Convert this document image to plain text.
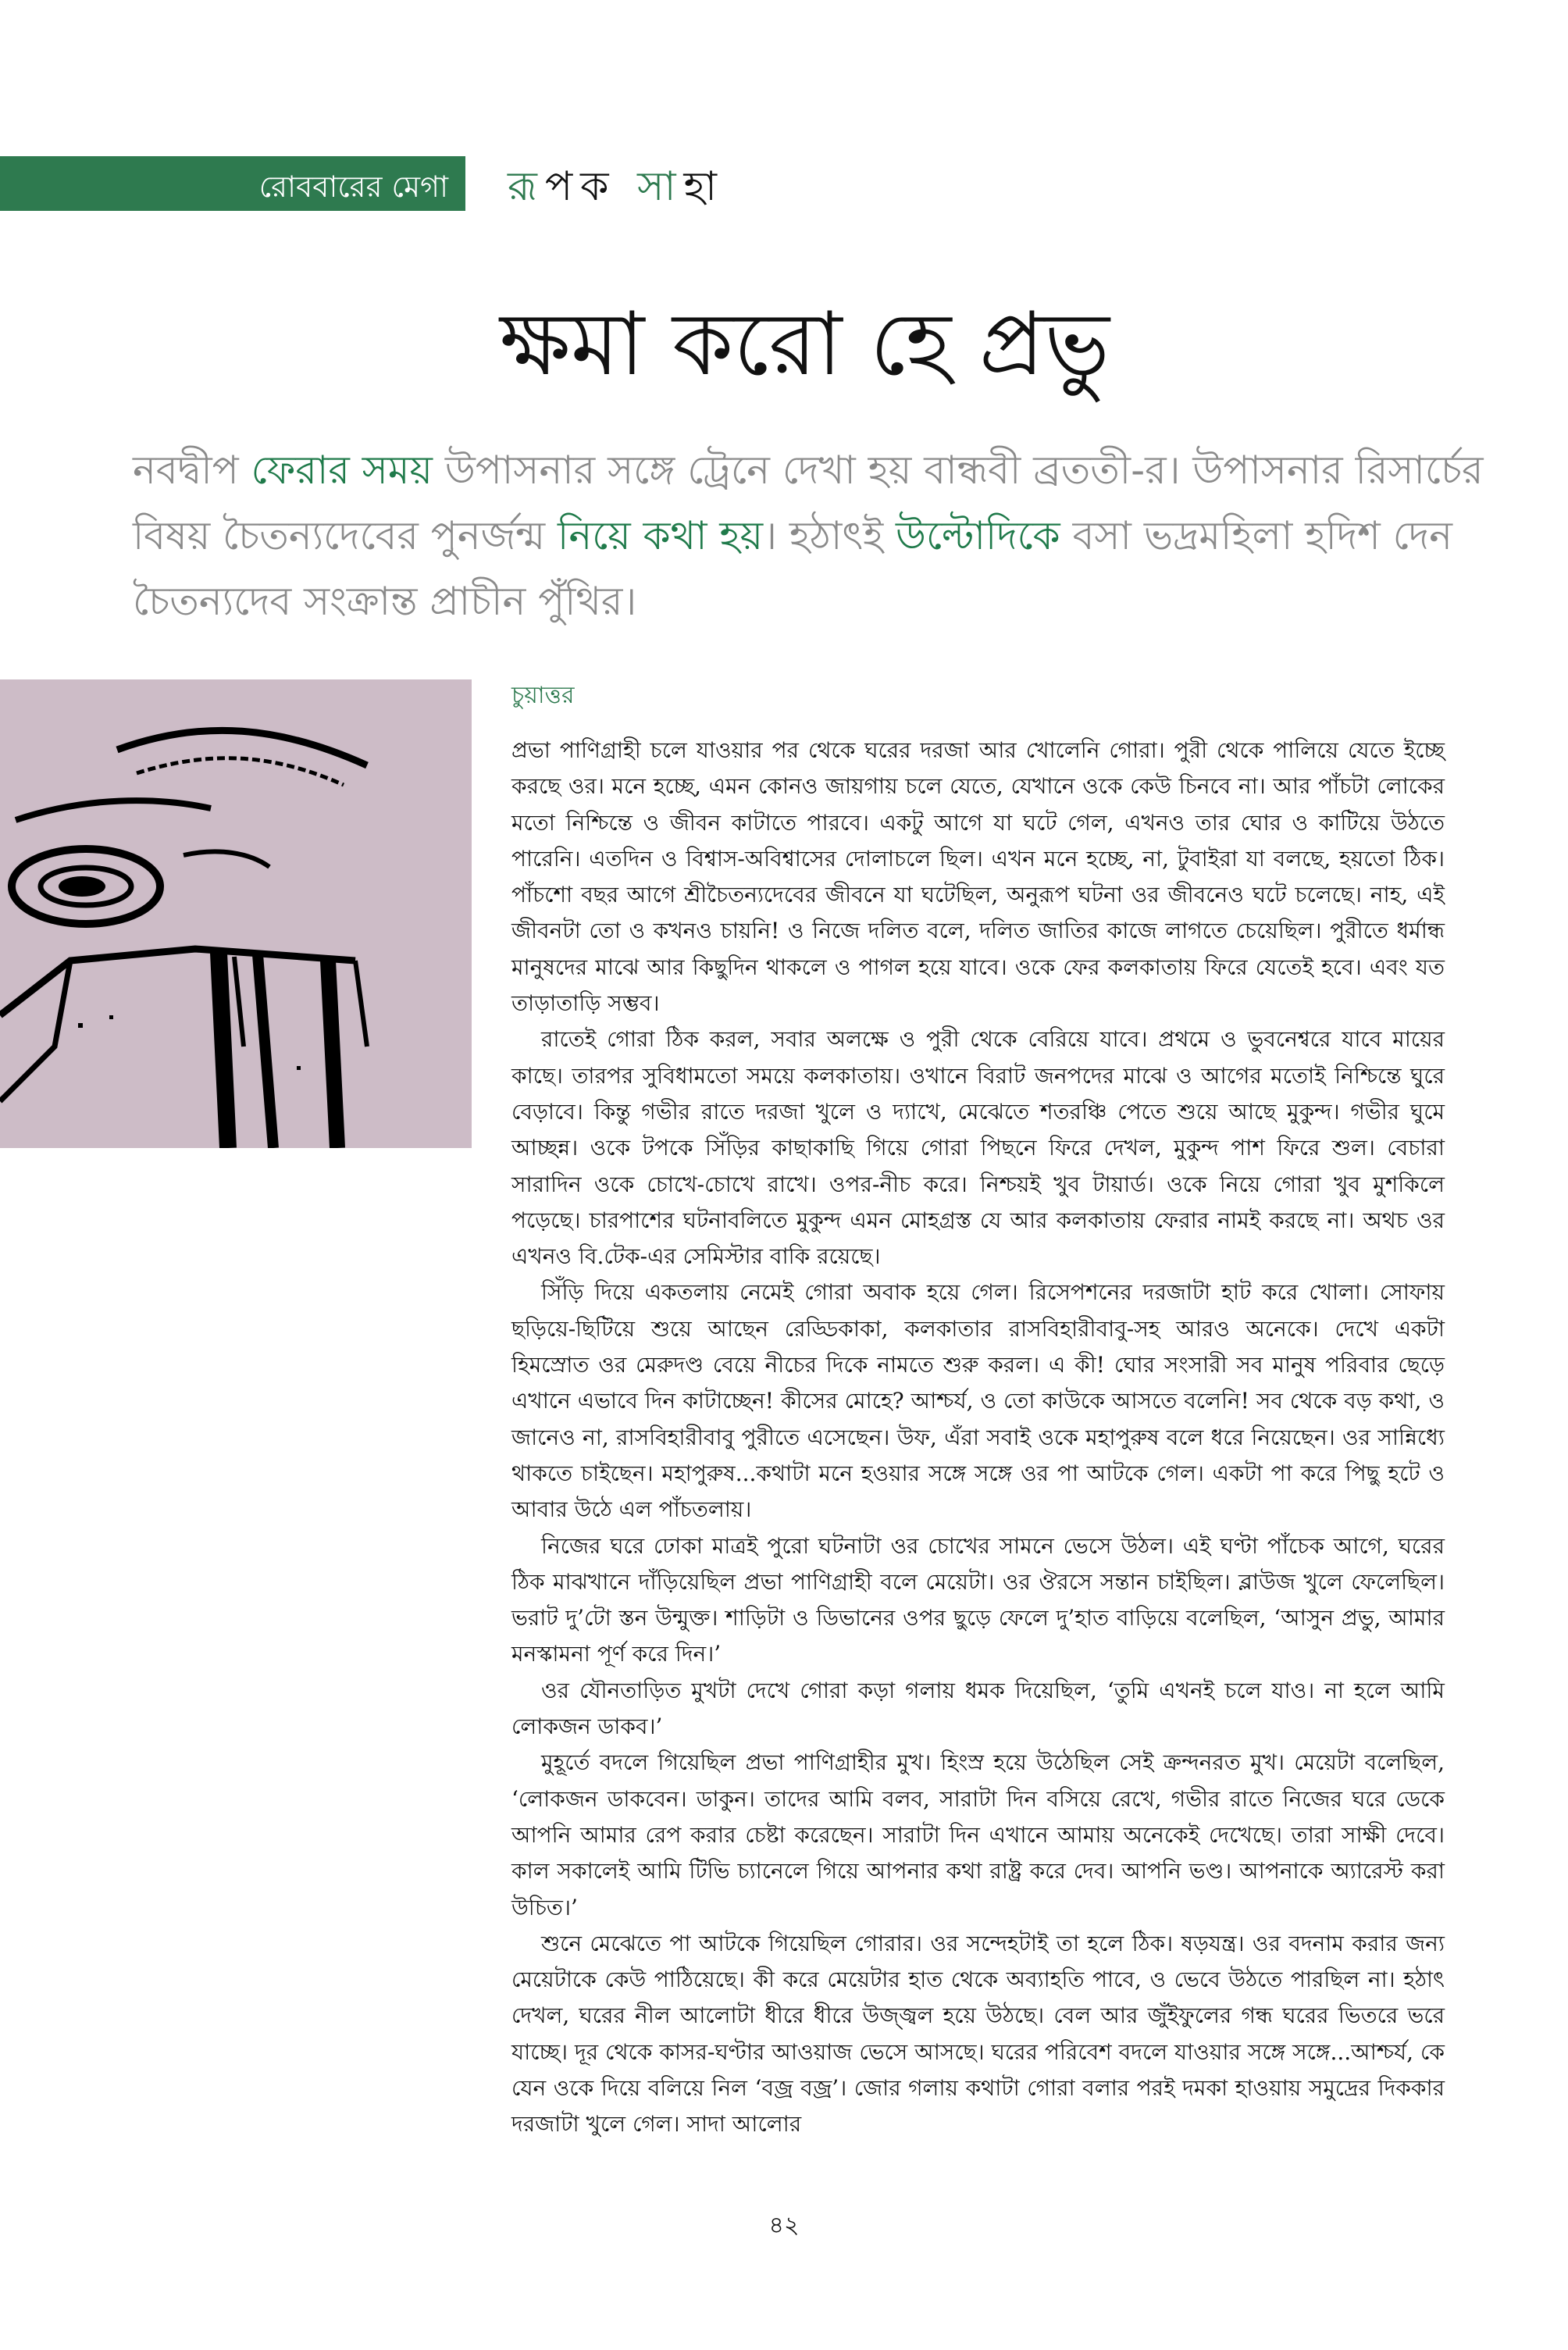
রোববারের মেগা রূপক সাহা
ক্ষমা করো হে প্রভু
নবদ্বীপ ফেরার সময় উপাসনার সঙ্গে ট্রেনে দেখা হয় বান্ধবী ব্রততী-র। উপাসনার রিসার্চের বিষয় চৈতন্যদেবের পুনর্জন্ম নিয়ে কথা হয়। হঠাৎই উল্টোদিকে বসা ভদ্রমহিলা হদিশ দেন চৈতন্যদেব সংক্রান্ত প্রাচীন পুঁথির।
চুয়াত্তর

প্রভা পাণিগ্রাহী চলে যাওয়ার পর থেকে ঘরের দরজা আর খোলেনি গোরা। পুরী থেকে পালিয়ে যেতে ইচ্ছে করছে ওর। মনে হচ্ছে, এমন কোনও জায়গায় চলে যেতে, যেখানে ওকে কেউ চিনবে না। আর পাঁচটা লোকের মতো নিশ্চিন্তে ও জীবন কাটাতে পারবে। একটু আগে যা ঘটে গেল, এখনও তার ঘোর ও কাটিয়ে উঠতে পারেনি। এতদিন ও বিশ্বাস-অবিশ্বাসের দোলাচলে ছিল। এখন মনে হচ্ছে, না, টুবাইরা যা বলছে, হয়তো ঠিক। পাঁচশো বছর আগে শ্রীচৈতন্যদেবের জীবনে যা ঘটেছিল, অনুরূপ ঘটনা ওর জীবনেও ঘটে চলেছে। নাহ, এই জীবনটা তো ও কখনও চায়নি! ও নিজে দলিত বলে, দলিত জাতির কাজে লাগতে চেয়েছিল। পুরীতে ধর্মান্ধ মানুষদের মাঝে আর কিছুদিন থাকলে ও পাগল হয়ে যাবে। ওকে ফের কলকাতায় ফিরে যেতেই হবে। এবং যত তাড়াতাড়ি সম্ভব।

রাতেই গোরা ঠিক করল, সবার অলক্ষে ও পুরী থেকে বেরিয়ে যাবে। প্রথমে ও ভুবনেশ্বরে যাবে মায়ের কাছে। তারপর সুবিধামতো সময়ে কলকাতায়। ওখানে বিরাট জনপদের মাঝে ও আগের মতোই নিশ্চিন্তে ঘুরে বেড়াবে। কিন্তু গভীর রাতে দরজা খুলে ও দ্যাখে, মেঝেতে শতরঞ্চি পেতে শুয়ে আছে মুকুন্দ। গভীর ঘুমে আচ্ছন্ন। ওকে টপকে সিঁড়ির কাছাকাছি গিয়ে গোরা পিছনে ফিরে দেখল, মুকুন্দ পাশ ফিরে শুল। বেচারা সারাদিন ওকে চোখে-চোখে রাখে। ওপর-নীচ করে। নিশ্চয়ই খুব টায়ার্ড। ওকে নিয়ে গোরা খুব মুশকিলে পড়েছে। চারপাশের ঘটনাবলিতে মুকুন্দ এমন মোহগ্রস্ত যে আর কলকাতায় ফেরার নামই করছে না। অথচ ওর এখনও বি.টেক-এর সেমিস্টার বাকি রয়েছে।

সিঁড়ি দিয়ে একতলায় নেমেই গোরা অবাক হয়ে গেল। রিসেপশনের দরজাটা হাট করে খোলা। সোফায় ছড়িয়ে-ছিটিয়ে শুয়ে আছেন রেড্ডিকাকা, কলকাতার রাসবিহারীবাবু-সহ আরও অনেকে। দেখে একটা হিমস্রোত ওর মেরুদণ্ড বেয়ে নীচের দিকে নামতে শুরু করল। এ কী! ঘোর সংসারী সব মানুষ পরিবার ছেড়ে এখানে এভাবে দিন কাটাচ্ছেন! কীসের মোহে? আশ্চর্য, ও তো কাউকে আসতে বলেনি! সব থেকে বড় কথা, ও জানেও না, রাসবিহারীবাবু পুরীতে এসেছেন। উফ, এঁরা সবাই ওকে মহাপুরুষ বলে ধরে নিয়েছেন। ওর সান্নিধ্যে থাকতে চাইছেন। মহাপুরুষ...কথাটা মনে হওয়ার সঙ্গে সঙ্গে ওর পা আটকে গেল। একটা পা করে পিছু হটে ও আবার উঠে এল পাঁচতলায়।

নিজের ঘরে ঢোকা মাত্রই পুরো ঘটনাটা ওর চোখের সামনে ভেসে উঠল। এই ঘণ্টা পাঁচেক আগে, ঘরের ঠিক মাঝখানে দাঁড়িয়েছিল প্রভা পাণিগ্রাহী বলে মেয়েটা। ওর ঔরসে সন্তান চাইছিল। ব্লাউজ খুলে ফেলেছিল। ভরাট দু’টো স্তন উন্মুক্ত। শাড়িটা ও ডিভানের ওপর ছুড়ে ফেলে দু’হাত বাড়িয়ে বলেছিল, ‘আসুন প্রভু, আমার মনস্কামনা পূর্ণ করে দিন।’

ওর যৌনতাড়িত মুখটা দেখে গোরা কড়া গলায় ধমক দিয়েছিল, ‘তুমি এখনই চলে যাও। না হলে আমি লোকজন ডাকব।’

মুহূর্তে বদলে গিয়েছিল প্রভা পাণিগ্রাহীর মুখ। হিংস্র হয়ে উঠেছিল সেই ক্রন্দনরত মুখ। মেয়েটা বলেছিল, ‘লোকজন ডাকবেন। ডাকুন। তাদের আমি বলব, সারাটা দিন বসিয়ে রেখে, গভীর রাতে নিজের ঘরে ডেকে আপনি আমার রেপ করার চেষ্টা করেছেন। সারাটা দিন এখানে আমায় অনেকেই দেখেছে। তারা সাক্ষী দেবে। কাল সকালেই আমি টিভি চ্যানেলে গিয়ে আপনার কথা রাষ্ট্র করে দেব। আপনি ভণ্ড। আপনাকে অ্যারেস্ট করা উচিত।’

শুনে মেঝেতে পা আটকে গিয়েছিল গোরার। ওর সন্দেহটাই তা হলে ঠিক। ষড়যন্ত্র। ওর বদনাম করার জন্য মেয়েটাকে কেউ পাঠিয়েছে। কী করে মেয়েটার হাত থেকে অব্যাহতি পাবে, ও ভেবে উঠতে পারছিল না। হঠাৎ দেখল, ঘরের নীল আলোটা ধীরে ধীরে উজ্জ্বল হয়ে উঠছে। বেল আর জুঁইফুলের গন্ধ ঘরের ভিতরে ভরে যাচ্ছে। দূর থেকে কাসর-ঘণ্টার আওয়াজ ভেসে আসছে। ঘরের পরিবেশ বদলে যাওয়ার সঙ্গে সঙ্গে...আশ্চর্য, কে যেন ওকে দিয়ে বলিয়ে নিল ‘বজ্র বজ্র’। জোর গলায় কথাটা গোরা বলার পরই দমকা হাওয়ায় সমুদ্রের দিককার দরজাটা খুলে গেল। সাদা আলোর

৪২
